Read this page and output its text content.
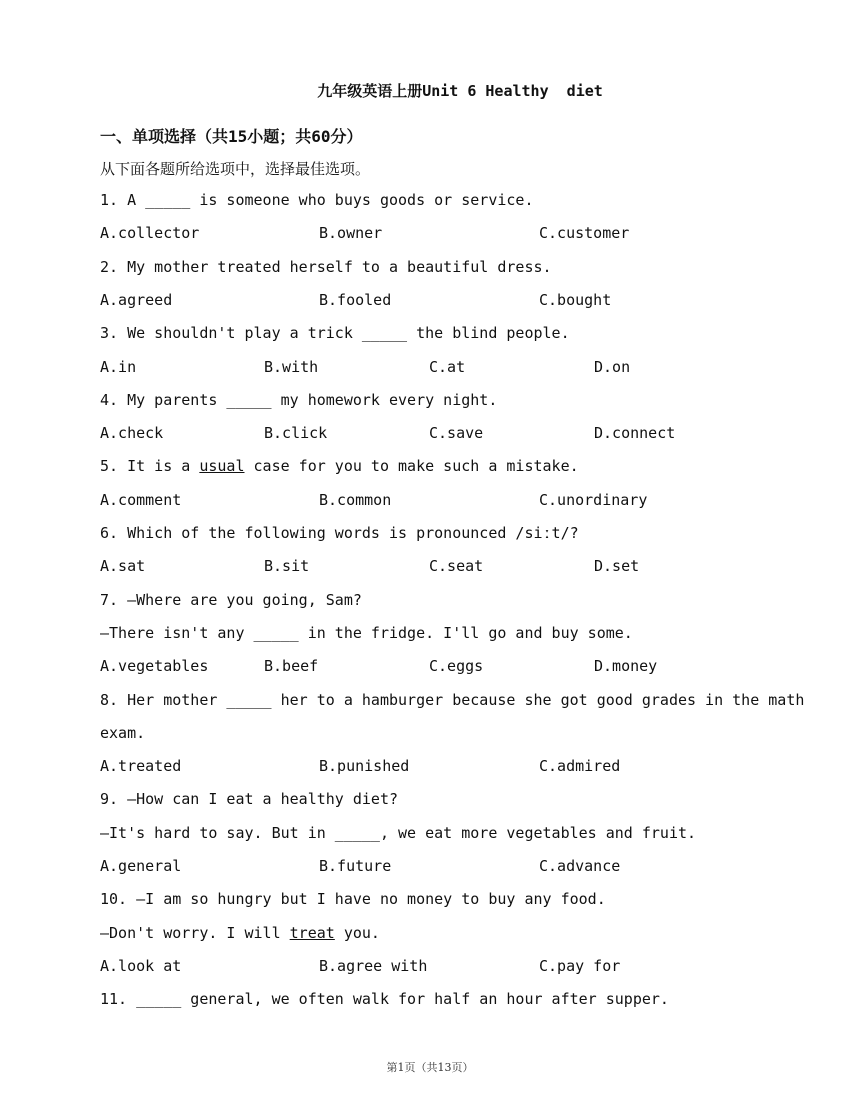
九年级英语上册Unit 6 Healthy  diet
一、单项选择（共15小题；共60分）
从下面各题所给选项中，选择最佳选项。
1. A _____ is someone who buys goods or service.
A.collector	B.owner	C.customer
2. My mother treated herself to a beautiful dress.
A.agreed	B.fooled	C.bought
3. We shouldn't play a trick _____ the blind people.
A.in	B.with	C.at	D.on
4. My parents _____ my homework every night.
A.check	B.click	C.save	D.connect
5. It is a usual case for you to make such a mistake.
A.comment	B.common	C.unordinary
6. Which of the following words is pronounced /siːt/?
A.sat	B.sit	C.seat	D.set
7. —Where are you going, Sam?
—There isn't any _____ in the fridge. I'll go and buy some.
A.vegetables	B.beef	C.eggs	D.money
8. Her mother _____ her to a hamburger because she got good grades in the math
exam.
A.treated	B.punished	C.admired
9. —How can I eat a healthy diet?
—It's hard to say. But in _____, we eat more vegetables and fruit.
A.general	B.future	C.advance
10. —I am so hungry but I have no money to buy any food.
—Don't worry. I will treat you.
A.look at	B.agree with	C.pay for
11. _____ general, we often walk for half an hour after supper.
第1页（共13页）
